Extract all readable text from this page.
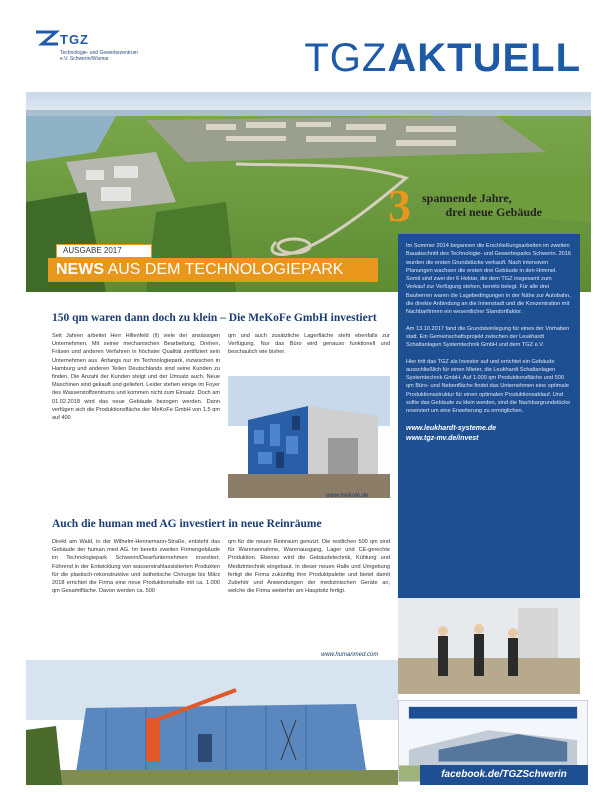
TGZ
Technologie- und Gewerbezentrum e.V. Schwerin/Wismar	TGZAKTUELL
3 spannende Jahre,
drei neue Gebäude
AUSGABE 2017
NEWS AUS DEM TECHNOLOGIEPARK
150 qm waren dann doch zu klein – Die MeKoFe GmbH investiert
Seit Jahren arbeitet Herr Hillenfeld (li) viele der ansässigen Unternehmen. Mit seiner mechanischen Bearbeitung, Drehen, Fräsen und anderen Verfahren in höchster Qualität zertifiziert sein Unternehmen aus. Anfangs nur im Technologiepark, inzwischen in Hamburg und anderen Teilen Deutschlands sind seine Kunden zu finden. Die Anzahl der Kunden steigt und der Umsatz auch. Neue Maschinen sind gekauft und geliefert. Leider stehen einige im Foyer des Wasserstoffzentrums und kommen nicht zum Einsatz. Doch am 01.02.2018 wird das neue Gebäude bezogen werden. Dann verfügen sich die Produktionsfläche der MeKoFe GmbH von 1,5 qm auf 400
qm und auch zusätzliche Lagerfläche steht ebenfalls zur Verfügung. Nur das Büro wird genauso funktionell und beschaulich wie bisher.
www.mekofe.de
Auch die human med AG investiert in neue Reinräume
Direkt am Wald, in der Wilhelm-Hennemann-Straße, entsteht das Gebäude der human med AG. Im bereits zweiten Firmengebäude im Technologiepark Schwerin/Dwarfunternehmen investiert. Führend in der Entwicklung von wasserstrahlassistierten Produkten für die plastisch-rekonstruktive und ästhetische Chirurgie bis März 2018 errichtet die Firma eine neue Produktionshalle mit ca. 1.000 qm Gesamtfläche. Davon werden ca. 500
qm für die neuen Reinraum genutzt. Die restlichen 500 qm sind für Warenannahme, Warenausgang, Lager und CE-gerechte Produktion. Ebenso wird die Gebäudetechnik, Kühlung und Medizintechnik eingebaut. In dieser neuen Halle und Umgebung fertigt die Firma zukünftig ihre Produktpalette und bietet damit Zubehör und Anwendungen der medizinischen Geräte an, welche die Firma weiterhin am Hauptsitz fertigt.
www.humanmed.com

Im Sommer 2014 begannen die Erschließungsarbeiten im zweiten Bauabschnitt des Technologie- und Gewerbeparks Schwerin. 2016 wurden die ersten Grundstücke verkauft. Nach intensiven Planungen wachsen die ersten drei Gebäude in den Himmel. Somit sind zwei der 6 Hektar, die dem TGZ insgesamt zum Verkauf zur Verfügung stehen, bereits belegt. Für alle drei Bauherren waren die Lagebedingungen in der Nähe zur Autobahn, die direkte Anbindung an die Innenstadt und die Konzentration mit Nachbarfirmen ein wesentlicher Standortfaktor.

Am 13.10.2017 fand die Grundsteinlegung für eines der Vorhaben statt. Ein Gemeinschaftsprojekt zwischen der Leukhardt Schaltanlagen Systemtechnik GmbH und dem TGZ e.V.

Hier tritt das TGZ als Investor auf und errichtet ein Gebäude ausschließlich für einen Mieter, die Leukhardt Schaltanlagen Systemtechnik GmbH. Auf 1.000 qm Produktionsfläche und 500 qm Büro- und Nebenfläche findet das Unternehmen eine optimale Produktionsstruktur für einen optimalen Produktionsablauf. Und sollte das Gebäude zu klein werden, sind die Nachbargrundstücke reserviert um eine Erweiterung zu ermöglichen.

www.leukhardt-systeme.de
www.tgz-mv.de/invest
facebook.de/TGZSchwerin
